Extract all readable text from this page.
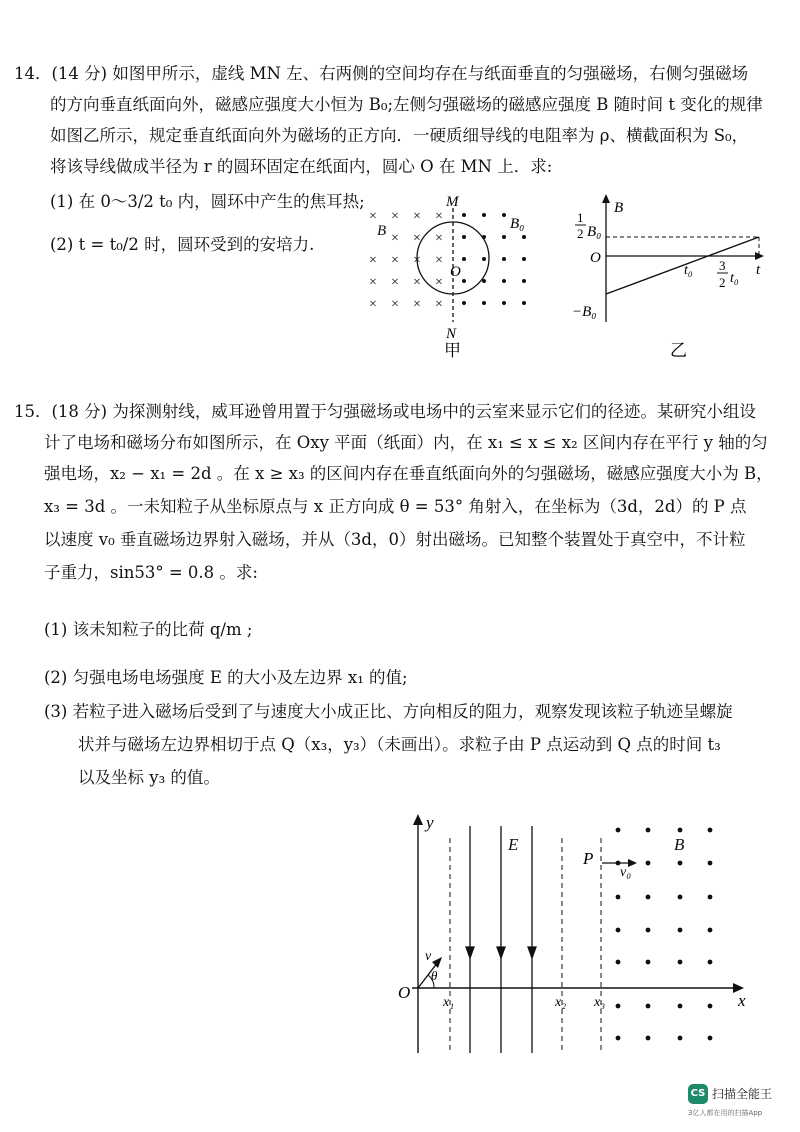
14．(14 分) 如图甲所示，虚线 MN 左、右两侧的空间均存在与纸面垂直的匀强磁场，右侧匀强磁场
的方向垂直纸面向外，磁感应强度大小恒为 B₀;左侧匀强磁场的磁感应强度 B 随时间 t 变化的规律
如图乙所示，规定垂直纸面向外为磁场的正方向．一硬质细导线的电阻率为 ρ、横截面积为 S₀，
将该导线做成半径为 r 的圆环固定在纸面内，圆心 O 在 MN 上．求:
(1) 在 0～3/2 t₀ 内，圆环中产生的焦耳热;
(2) t = t₀/2 时，圆环受到的安培力.
× × × ×
× × ×
× × × ×
× × × ×
× × × ×
M
N
O
B	B₀
甲
B
t
O
1
2 B₀
−B₀
t₀ 3
2 t₀
乙
15．(18 分) 为探测射线，威耳逊曾用置于匀强磁场或电场中的云室来显示它们的径迹。某研究小组设
计了电场和磁场分布如图所示，在 Oxy 平面（纸面）内，在 x₁ ≤ x ≤ x₂ 区间内存在平行 y 轴的匀
强电场，x₂ − x₁ = 2d 。在 x ≥ x₃ 的区间内存在垂直纸面向外的匀强磁场，磁感应强度大小为 B，
x₃ = 3d 。一未知粒子从坐标原点与 x 正方向成 θ = 53° 角射入，在坐标为（3d，2d）的 P 点
以速度 v₀ 垂直磁场边界射入磁场，并从（3d，0）射出磁场。已知整个装置处于真空中，不计粒
子重力，sin53° = 0.8 。求:
(1) 该未知粒子的比荷 q/m ;
(2) 匀强电场电场强度 E 的大小及左边界 x₁ 的值;
(3) 若粒子进入磁场后受到了与速度大小成正比、方向相反的阻力，观察发现该粒子轨迹呈螺旋
状并与磁场左边界相切于点 Q（x₃，y₃）（未画出）。求粒子由 P 点运动到 Q 点的时间 t₃
以及坐标 y₃ 的值。
y
x
O
E
P
B
v₀
v
θ
x₁	x₂ x₃
CS 扫描全能王
3亿人都在用的扫描App
